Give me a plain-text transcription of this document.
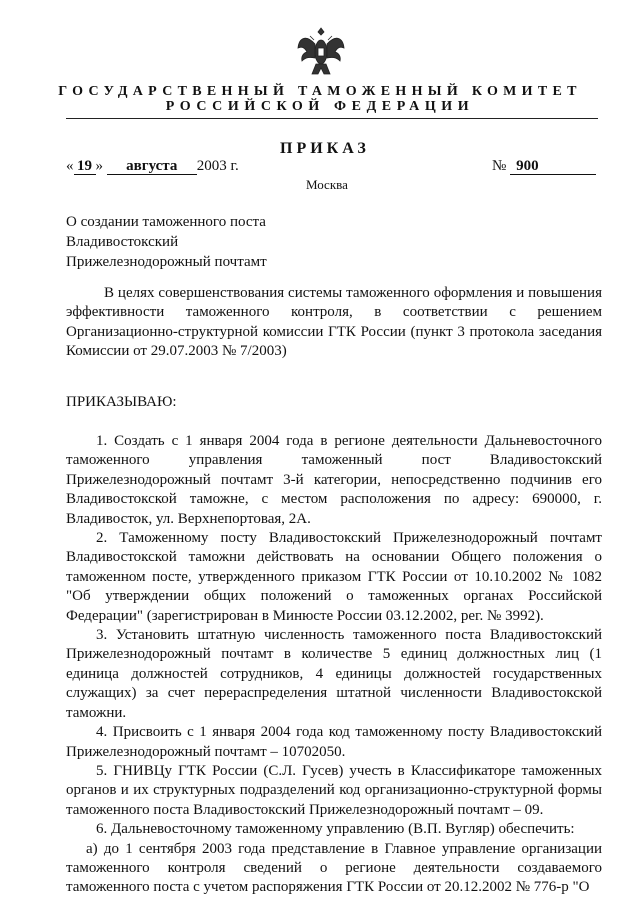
ГОСУДАРСТВЕННЫЙ ТАМОЖЕННЫЙ КОМИТЕТ
РОССИЙСКОЙ ФЕДЕРАЦИИ
ПРИКАЗ
« 19 » августа 2003 г.	№ 900
Москва
О создании таможенного поста
Владивостокский
Прижелезнодорожный почтамт
В целях совершенствования системы таможенного оформления и повышения эффективности таможенного контроля, в соответствии с решением Организационно-структурной комиссии ГТК России (пункт 3 протокола заседания Комиссии от 29.07.2003 № 7/2003)
ПРИКАЗЫВАЮ:

1. Создать с 1 января 2004 года в регионе деятельности Дальневосточного таможенного управления таможенный пост Владивостокский Прижелезнодорожный почтамт 3-й категории, непосредственно подчинив его Владивостокской таможне, с местом расположения по адресу: 690000, г. Владивосток, ул. Верхнепортовая, 2А.

2. Таможенному посту Владивостокский Прижелезнодорожный почтамт Владивостокской таможни действовать на основании Общего положения о таможенном посте, утвержденного приказом ГТК России от 10.10.2002 № 1082 "Об утверждении общих положений о таможенных органах Российской Федерации" (зарегистрирован в Минюсте России 03.12.2002, рег. № 3992).

3. Установить штатную численность таможенного поста Владивостокский Прижелезнодорожный почтамт в количестве 5 единиц должностных лиц (1 единица должностей сотрудников, 4 единицы должностей государственных служащих) за счет перераспределения штатной численности Владивостокской таможни.

4. Присвоить с 1 января 2004 года код таможенному посту Владивостокский Прижелезнодорожный почтамт – 10702050.

5. ГНИВЦу ГТК России (С.Л. Гусев) учесть в Классификаторе таможенных органов и их структурных подразделений код организационно-структурной формы таможенного поста Владивостокский Прижелезнодорожный почтамт – 09.

6. Дальневосточному таможенному управлению (В.П. Вугляр) обеспечить:

а) до 1 сентября 2003 года представление в Главное управление организации таможенного контроля сведений о регионе деятельности создаваемого таможенного поста с учетом распоряжения ГТК России от 20.12.2002 № 776-р "О
